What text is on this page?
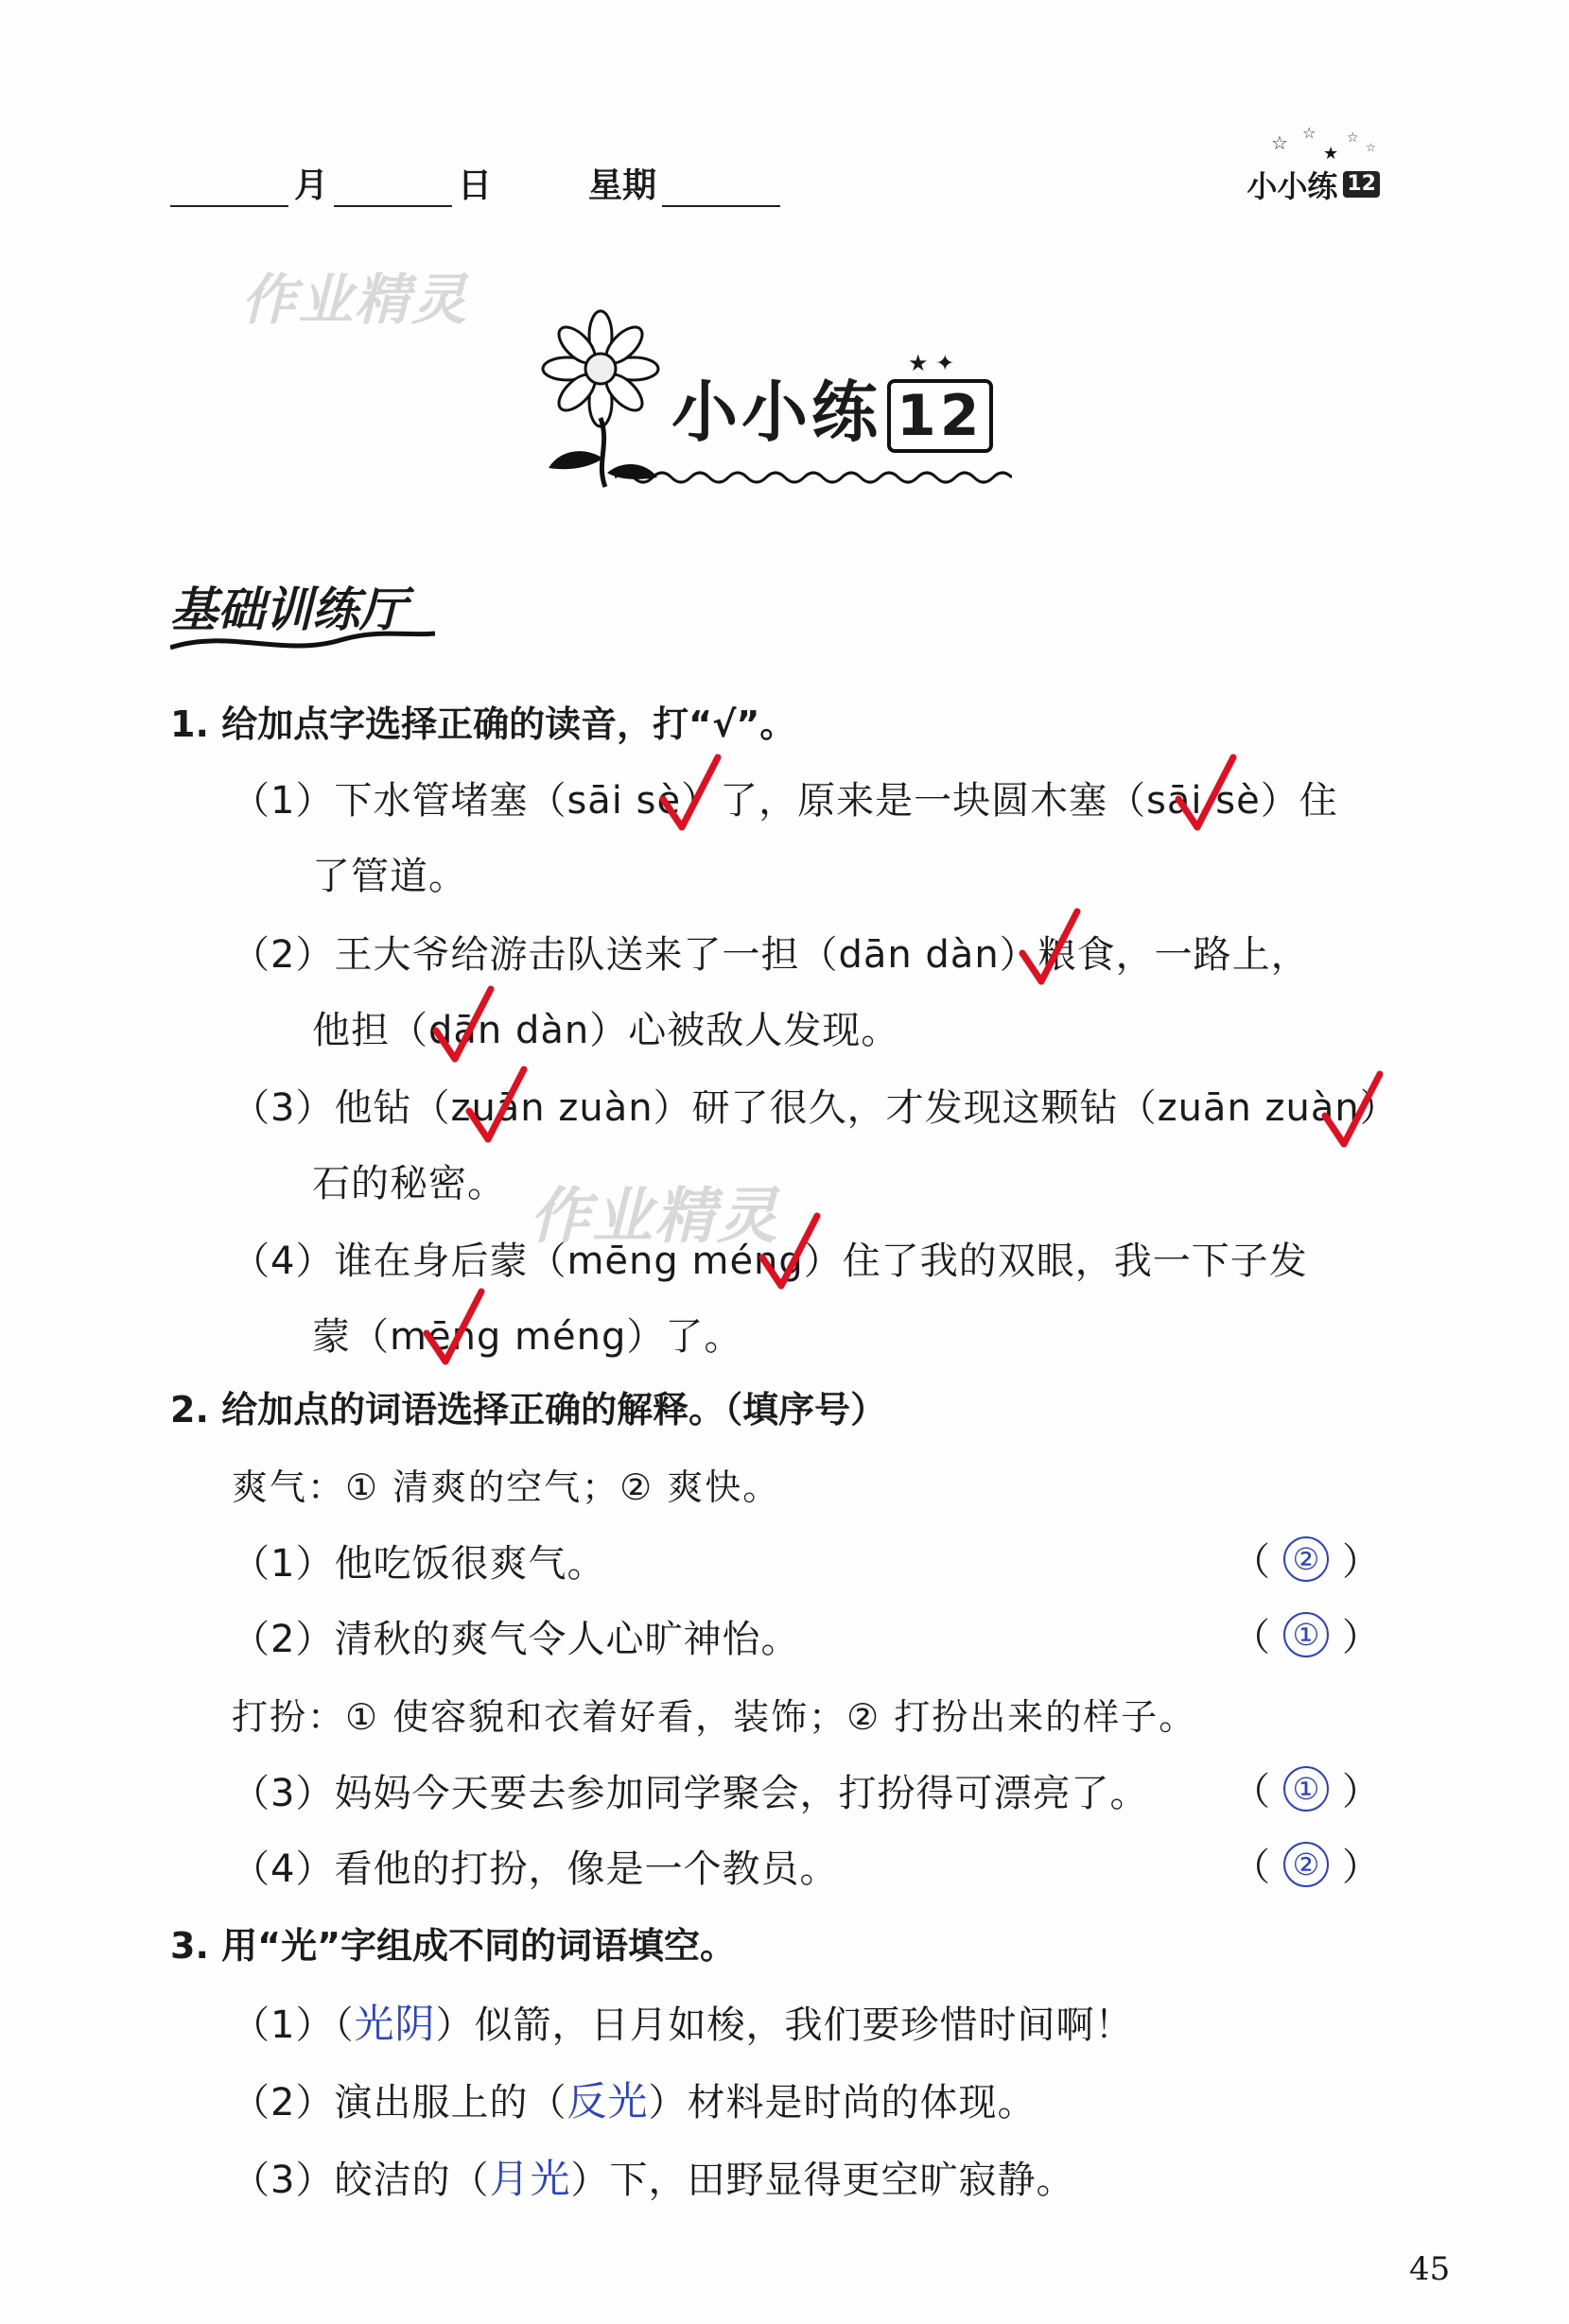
月	日	星期
☆ ☆
★
☆
☆
小小练 12
作业精灵
作业精灵
小小练 12
★ ✦
基础训练厅
1. 给加点字选择正确的读音，打“√”。
（1）下水管堵塞（sāi sè）了，原来是一块圆木塞（sāi sè）住
了管道。
（2）王大爷给游击队送来了一担（dān dàn）粮食，一路上，
他担（dān dàn）心被敌人发现。
（3）他钻（zuān zuàn）研了很久，才发现这颗钻（zuān zuàn）
石的秘密。
（4）谁在身后蒙（mēng méng）住了我的双眼，我一下子发
蒙（mēng méng）了。
2. 给加点的词语选择正确的解释。（填序号）
爽气：① 清爽的空气；② 爽快。
（1）他吃饭很爽气。	（ ② ）
（2）清秋的爽气令人心旷神怡。	（ ① ）
打扮：① 使容貌和衣着好看，装饰；② 打扮出来的样子。
（3）妈妈今天要去参加同学聚会，打扮得可漂亮了。 （ ① ）
（4）看他的打扮，像是一个教员。	（ ② ）
3. 用“光”字组成不同的词语填空。
（1）（光阴）似箭，日月如梭，我们要珍惜时间啊！
（2）演出服上的（反光）材料是时尚的体现。
（3）皎洁的（月光）下，田野显得更空旷寂静。
45
